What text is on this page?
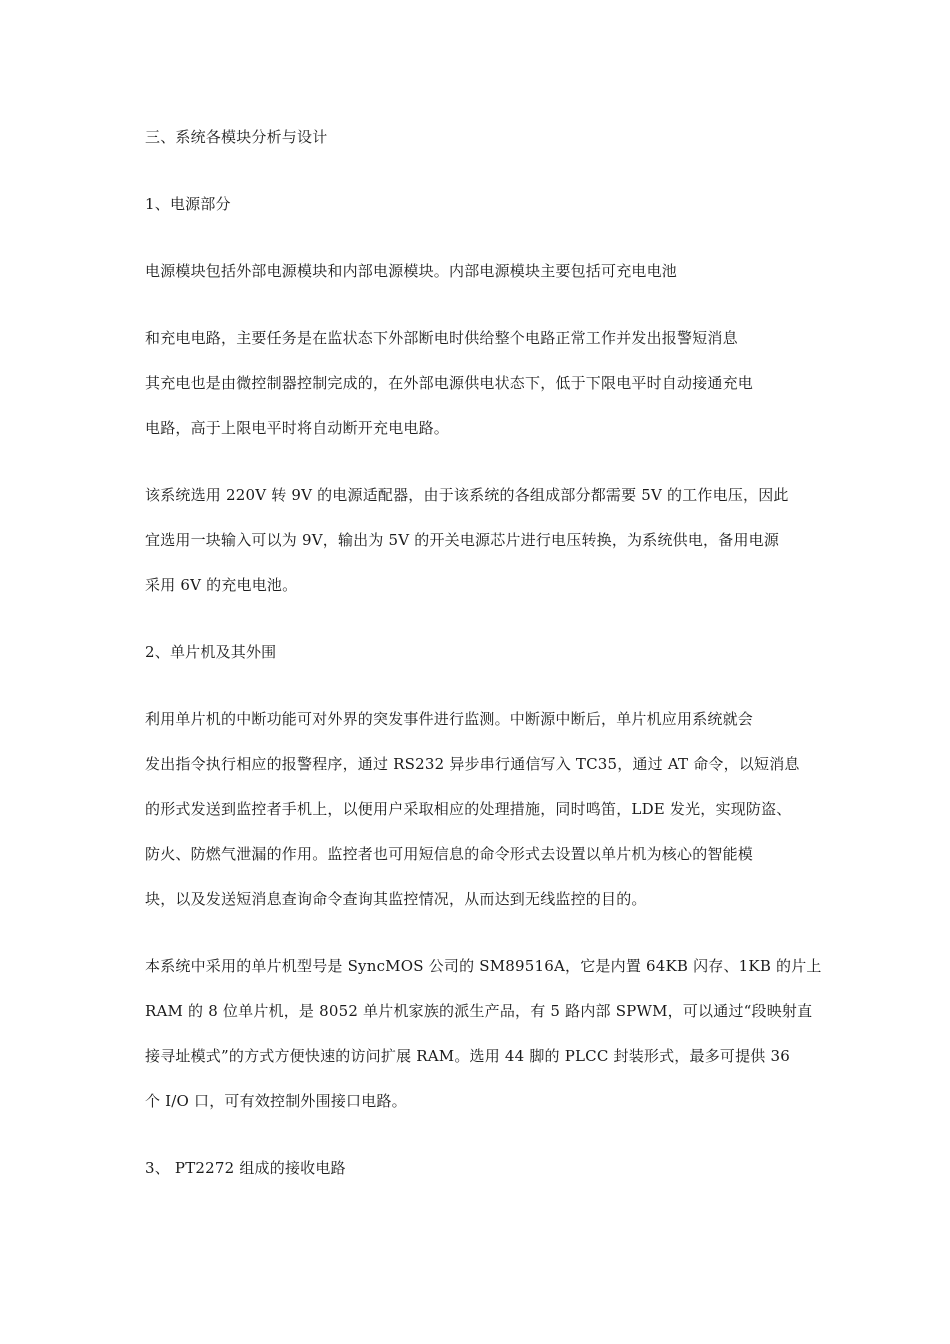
三、系统各模块分析与设计

1、电源部分

电源模块包括外部电源模块和内部电源模块。内部电源模块主要包括可充电电池

和充电电路，主要任务是在监状态下外部断电时供给整个电路正常工作并发出报警短消息

其充电也是由微控制器控制完成的，在外部电源供电状态下，低于下限电平时自动接通充电

电路，高于上限电平时将自动断开充电电路。

该系统选用 220V 转 9V 的电源适配器，由于该系统的各组成部分都需要 5V 的工作电压，因此

宜选用一块输入可以为 9V，输出为 5V 的开关电源芯片进行电压转换，为系统供电，备用电源

采用 6V 的充电电池。

2、单片机及其外围

利用单片机的中断功能可对外界的突发事件进行监测。中断源中断后，单片机应用系统就会

发出指令执行相应的报警程序，通过 RS232 异步串行通信写入 TC35，通过 AT 命令，以短消息

的形式发送到监控者手机上，以便用户采取相应的处理措施，同时鸣笛，LDE 发光，实现防盗、

防火、防燃气泄漏的作用。监控者也可用短信息的命令形式去设置以单片机为核心的智能模

块，以及发送短消息查询命令查询其监控情况，从而达到无线监控的目的。

本系统中采用的单片机型号是 SyncMOS 公司的 SM89516A，它是内置 64KB 闪存、1KB 的片上

RAM 的 8 位单片机，是 8052 单片机家族的派生产品，有 5 路内部 SPWM，可以通过“段映射直

接寻址模式”的方式方便快速的访问扩展 RAM。选用 44 脚的 PLCC 封装形式，最多可提供 36

个 I/O 口，可有效控制外围接口电路。

3、 PT2272 组成的接收电路
